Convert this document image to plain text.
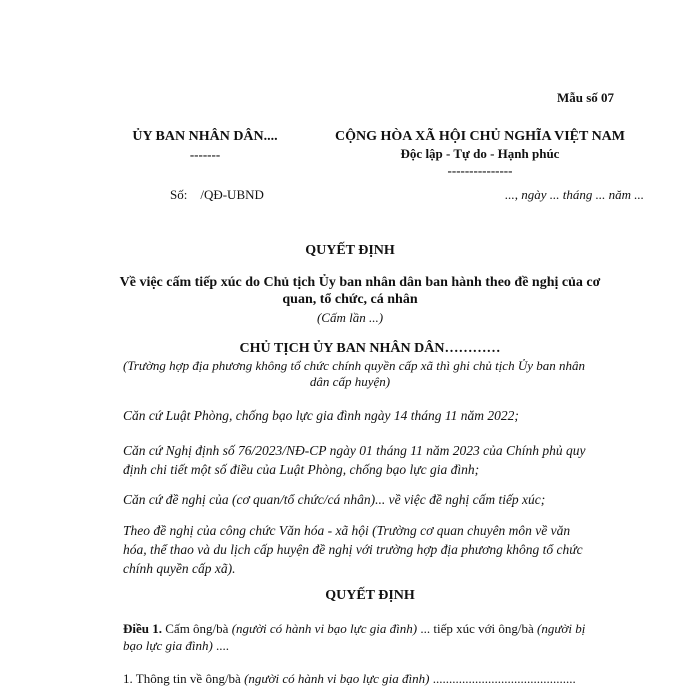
Mẫu số 07
ỦY BAN NHÂN DÂN....
-------
CỘNG HÒA XÃ HỘI CHỦ NGHĨA VIỆT NAM
Độc lập - Tự do - Hạnh phúc
---------------
Số:    /QĐ-UBND	..., ngày ... tháng ... năm ...
QUYẾT ĐỊNH
Về việc cấm tiếp xúc do Chủ tịch Ủy ban nhân dân ban hành theo đề nghị của cơ
quan, tổ chức, cá nhân
(Cấm lần ...)
CHỦ TỊCH ỦY BAN NHÂN DÂN…………
(Trường hợp địa phương không tổ chức chính quyền cấp xã thì ghi chủ tịch Ủy ban nhân
dân cấp huyện)
Căn cứ Luật Phòng, chống bạo lực gia đình ngày 14 tháng 11 năm 2022;
Căn cứ Nghị định số 76/2023/NĐ-CP ngày 01 tháng 11 năm 2023 của Chính phủ quy định chi tiết một số điều của Luật Phòng, chống bạo lực gia đình;
Căn cứ đề nghị của (cơ quan/tổ chức/cá nhân)... về việc đề nghị cấm tiếp xúc;
Theo đề nghị của công chức Văn hóa - xã hội (Trường cơ quan chuyên môn về văn hóa, thể thao và du lịch cấp huyện đề nghị với trường hợp địa phương không tổ chức chính quyền cấp xã).
QUYẾT ĐỊNH
Điều 1. Cấm ông/bà (người có hành vi bạo lực gia đình) ... tiếp xúc với ông/bà (người bị
bạo lực gia đình) ....
1. Thông tin về ông/bà (người có hành vi bạo lực gia đình) ............................................
